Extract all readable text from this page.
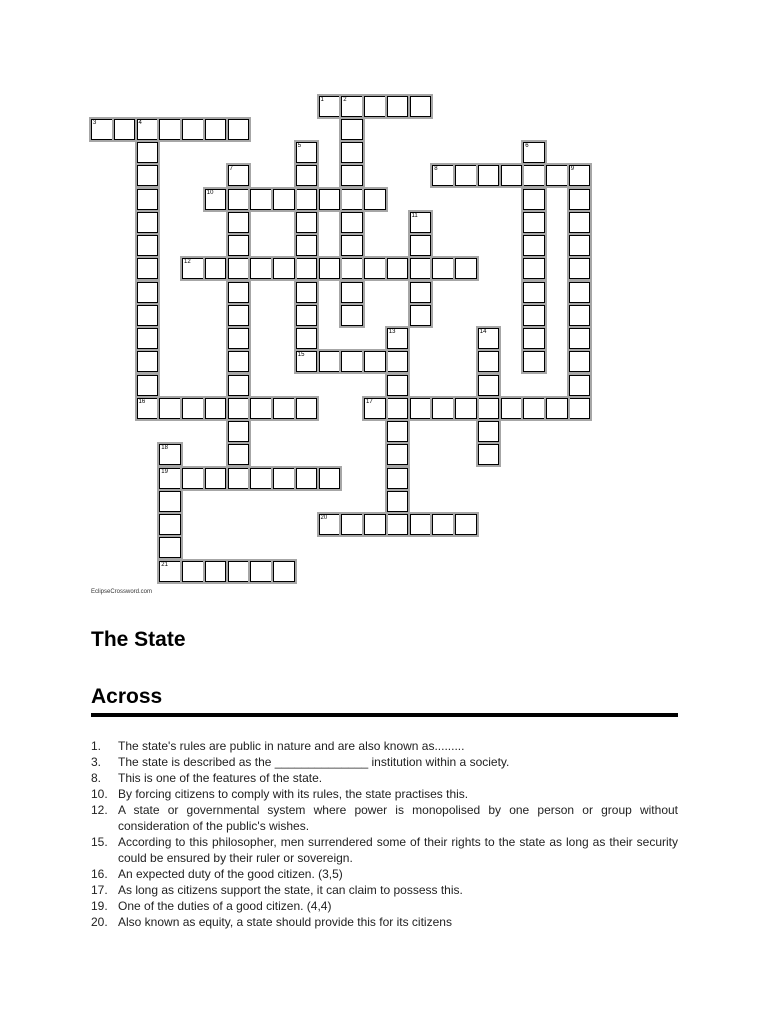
1	2
3	4
16
5
15
6
7	8	9
10
11
12
13	14
17
18
19
21
20
EclipseCrossword.com
The State
Across
1.	The state's rules are public in nature and are also known as.........
3.	The state is described as the ______________ institution within a society.
8.	This is one of the features of the state.
10. By forcing citizens to comply with its rules, the state practises this.
12. A state or governmental system where power is monopolised by one person or group without consideration of the public's wishes.
15. According to this philosopher, men surrendered some of their rights to the state as long as their security could be ensured by their ruler or sovereign.
16. An expected duty of the good citizen. (3,5)
17. As long as citizens support the state, it can claim to possess this.
19. One of the duties of a good citizen. (4,4)
20. Also known as equity, a state should provide this for its citizens
